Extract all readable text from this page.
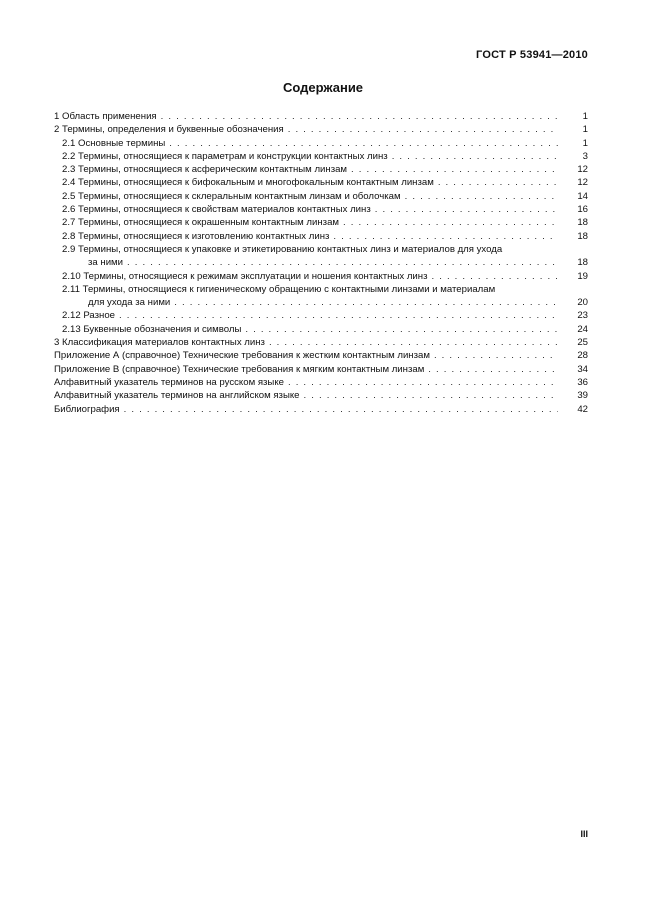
ГОСТ Р 53941—2010
Содержание
1 Область применения . . .	1
2 Термины, определения и буквенные обозначения . . .	1
2.1 Основные термины . . .	1
2.2 Термины, относящиеся к параметрам и конструкции контактных линз . . .	3
2.3 Термины, относящиеся к асферическим контактным линзам . . .	12
2.4 Термины, относящиеся к бифокальным и многофокальным контактным линзам . . .	12
2.5 Термины, относящиеся к склеральным контактным линзам и оболочкам . . .	14
2.6 Термины, относящиеся к свойствам материалов контактных линз . . .	16
2.7 Термины, относящиеся к окрашенным контактным линзам . . .	18
2.8 Термины, относящиеся к изготовлению контактных линз . . .	18
2.9 Термины, относящиеся к упаковке и этикетированию контактных линз и материалов для ухода
за ними . . .	18
2.10 Термины, относящиеся к режимам эксплуатации и ношения контактных линз . . .	19
2.11 Термины, относящиеся к гигиеническому обращению с контактными линзами и материалам
для ухода за ними . . .	20
2.12 Разное . . .	23
2.13 Буквенные обозначения и символы . . .	24
3 Классификация материалов контактных линз . . .	25
Приложение А (справочное) Технические требования к жестким контактным линзам . . .	28
Приложение В (справочное) Технические требования к мягким контактным линзам . . .	34
Алфавитный указатель терминов на русском языке . . .	36
Алфавитный указатель терминов на английском языке . . .	39
Библиография . . .	42
III
